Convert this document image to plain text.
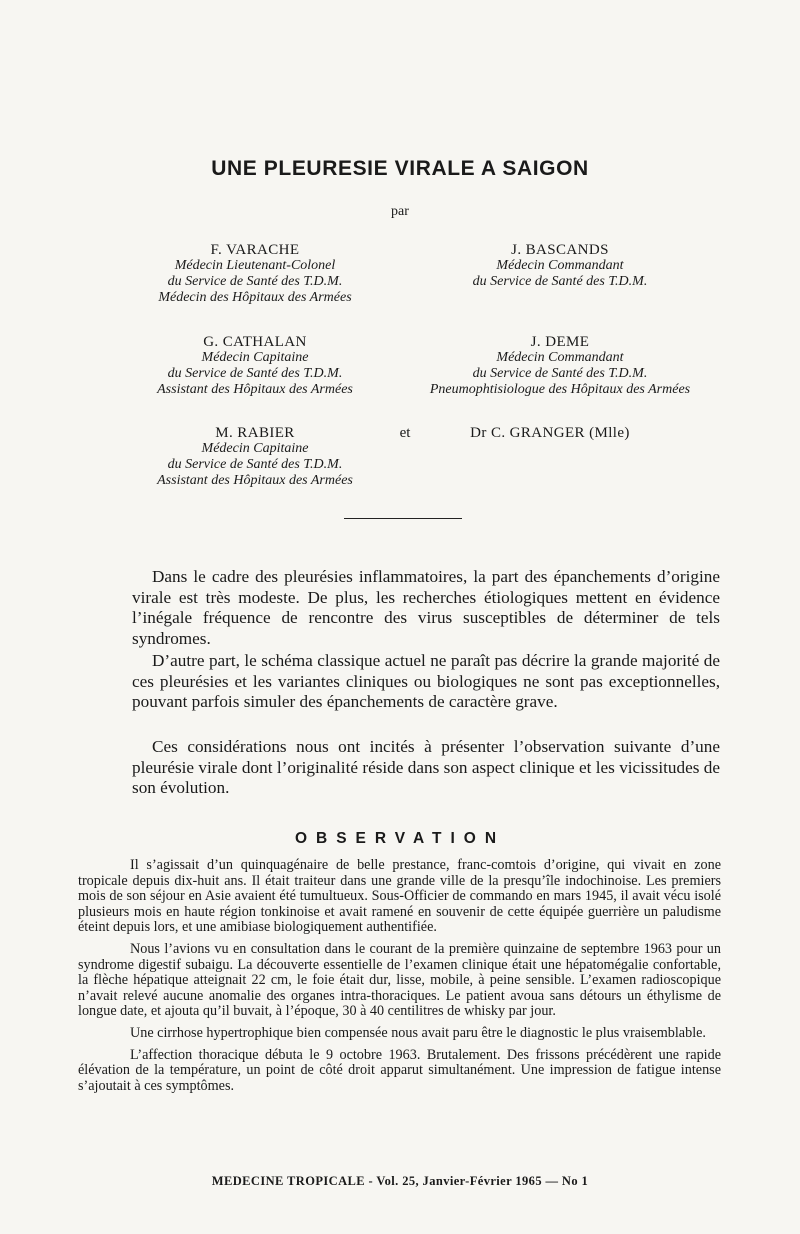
UNE PLEURESIE VIRALE A SAIGON
par
F. VARACHE
Médecin Lieutenant-Colonel
du Service de Santé des T.D.M.
Médecin des Hôpitaux des Armées
J. BASCANDS
Médecin Commandant
du Service de Santé des T.D.M.
G. CATHALAN
Médecin Capitaine
du Service de Santé des T.D.M.
Assistant des Hôpitaux des Armées
J. DEME
Médecin Commandant
du Service de Santé des T.D.M.
Pneumophtisiologue des Hôpitaux des Armées
M. RABIER
Médecin Capitaine
du Service de Santé des T.D.M.
Assistant des Hôpitaux des Armées
et	Dr C. GRANGER (Mlle)

Dans le cadre des pleurésies inflammatoires, la part des épanchements d’origine virale est très modeste. De plus, les recherches étiologiques mettent en évidence l’inégale fréquence de rencontre des virus susceptibles de déterminer de tels syndromes.

D’autre part, le schéma classique actuel ne paraît pas décrire la grande majorité de ces pleurésies et les variantes cliniques ou biologiques ne sont pas exceptionnelles, pouvant parfois simuler des épanchements de caractère grave.

Ces considérations nous ont incités à présenter l’observation suivante d’une pleurésie virale dont l’originalité réside dans son aspect clinique et les vicissitudes de son évolution.

OBSERVATION

Il s’agissait d’un quinquagénaire de belle prestance, franc-comtois d’origine, qui vivait en zone tropicale depuis dix-huit ans. Il était traiteur dans une grande ville de la presqu’île indochinoise. Les premiers mois de son séjour en Asie avaient été tumultueux. Sous-Officier de commando en mars 1945, il avait vécu isolé plusieurs mois en haute région tonkinoise et avait ramené en souvenir de cette équipée guerrière un paludisme éteint depuis lors, et une amibiase biologiquement authentifiée.

Nous l’avions vu en consultation dans le courant de la première quinzaine de septembre 1963 pour un syndrome digestif subaigu. La découverte essentielle de l’examen clinique était une hépatomégalie confortable, la flèche hépatique atteignait 22 cm, le foie était dur, lisse, mobile, à peine sensible. L’examen radioscopique n’avait relevé aucune anomalie des organes intra-thoraciques. Le patient avoua sans détours un éthylisme de longue date, et ajouta qu’il buvait, à l’époque, 30 à 40 centilitres de whisky par jour.

Une cirrhose hypertrophique bien compensée nous avait paru être le diagnostic le plus vraisemblable.

L’affection thoracique débuta le 9 octobre 1963. Brutalement. Des frissons précédèrent une rapide élévation de la température, un point de côté droit apparut simultanément. Une impression de fatigue intense s’ajoutait à ces symptômes.

MEDECINE TROPICALE - Vol. 25, Janvier-Février 1965 — No 1
